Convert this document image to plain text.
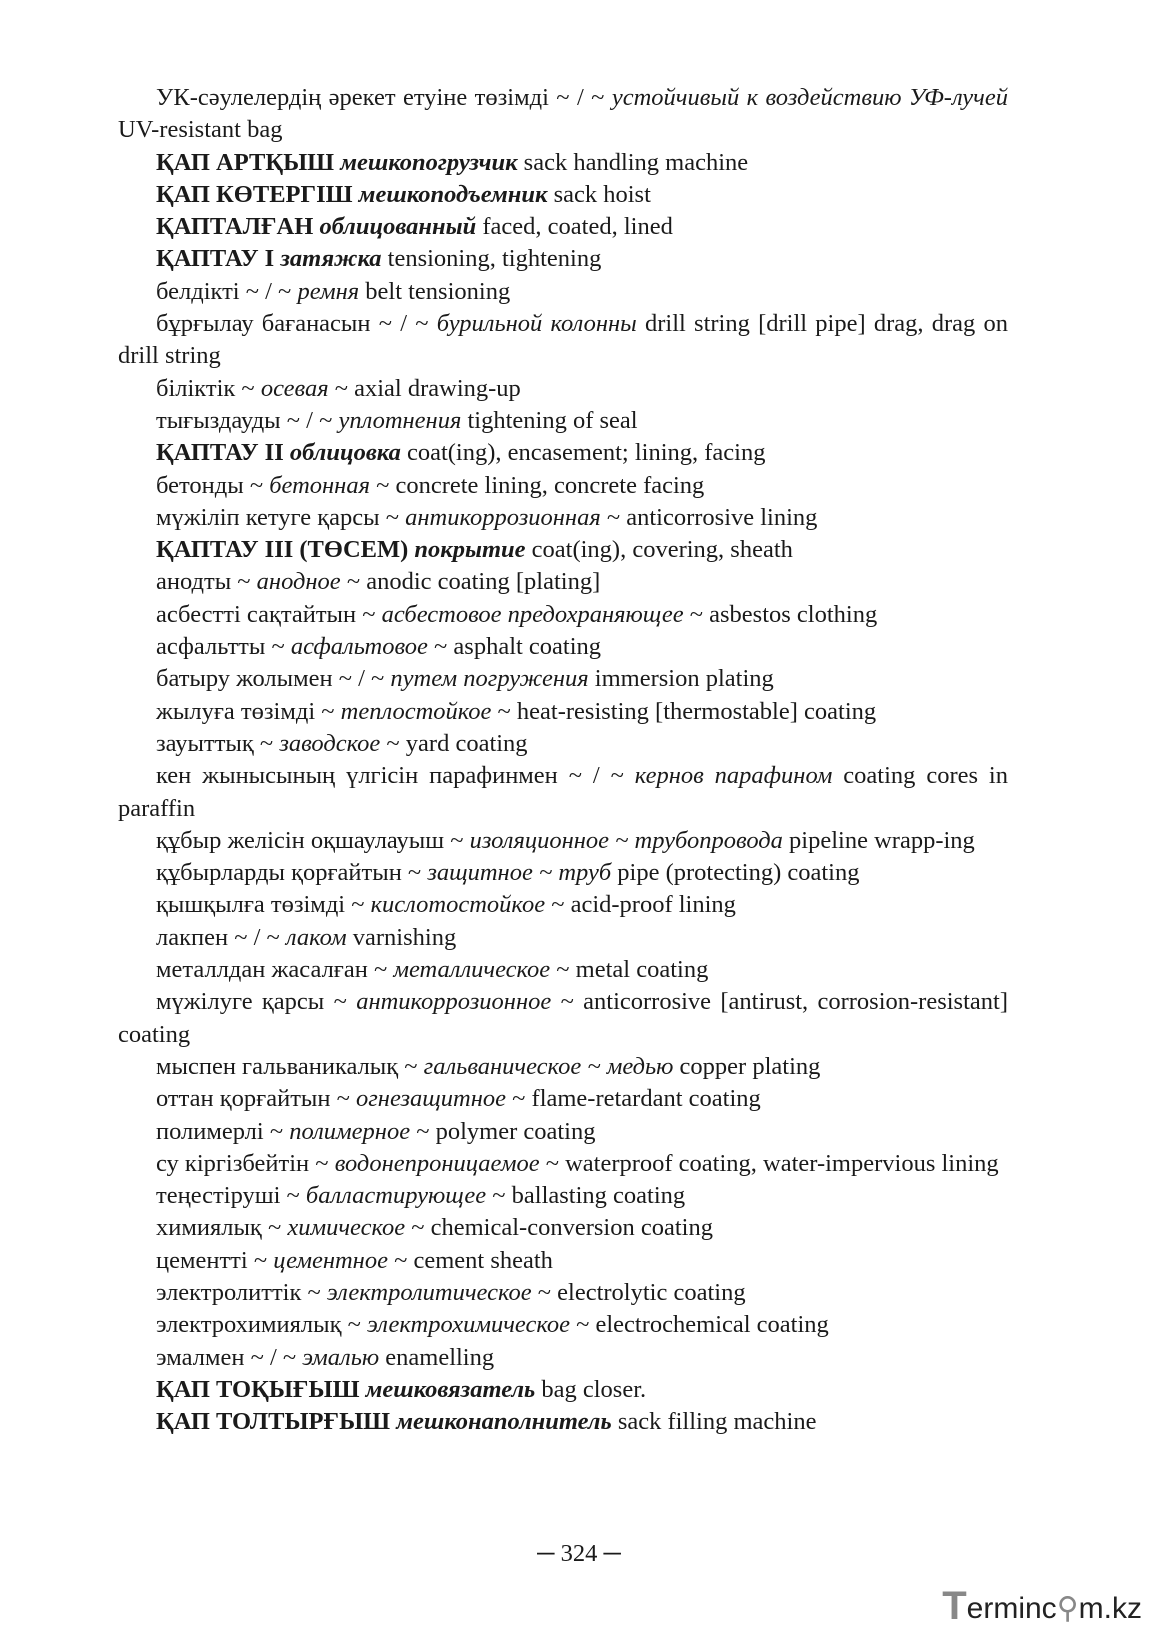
УК-сәулелердің әрекет етуіне төзімді ~ / ~ устойчивый к воздействию УФ-лучей UV-resistant bag

ҚАП АРТҚЫШ мешкопогрузчик sack handling machine

ҚАП КӨТЕРГІШ мешкоподъемник sack hoist

ҚАПТАЛҒАН облицованный faced, coated, lined

ҚАПТАУ I затяжка tensioning, tightening

белдікті ~ / ~ ремня belt tensioning

бұрғылау бағанасын ~ / ~ бурильной колонны drill string [drill pipe] drag, drag on drill string

біліктік ~ осевая ~ axial drawing-up

тығыздауды ~ / ~ уплотнения tightening of seal

ҚАПТАУ II облицовка coat(ing), encasement; lining, facing

бетонды ~ бетонная ~ concrete lining, concrete facing

мүжіліп кетуге қарсы ~ антикоррозионная ~ anticorrosive lining

ҚАПТАУ III (ТӨСЕМ) покрытие coat(ing), covering, sheath

анодты ~ анодное ~ anodic coating [plating]

асбестті сақтайтын ~ асбестовое предохраняющее ~ asbestos clothing

асфальтты ~ асфальтовое ~ asphalt coating

батыру жолымен ~ / ~ путем погружения immersion plating

жылуға төзімді ~ теплостойкое ~ heat-resisting [thermostable] coating

зауыттық ~ заводское ~ yard coating

кен жынысының үлгісін парафинмен ~ / ~ кернов парафином coating cores in paraffin

құбыр желісін оқшаулауыш ~ изоляционное ~ трубопровода pipeline wrapp-ing

құбырларды қорғайтын ~ защитное ~ труб pipe (protecting) coating

қышқылға төзімді ~ кислотостойкое ~ acid-proof lining

лакпен ~ / ~ лаком varnishing

металлдан жасалған ~ металлическое ~ metal coating

мүжілуге қарсы ~ антикоррозионное ~ anticorrosive [antirust, corrosion-resistant] coating

мыспен гальваникалық ~ гальваническое ~ медью copper plating

оттан қорғайтын ~ огнезащитное ~ flame-retardant coating

полимерлі ~ полимерное ~ polymer coating

су кіргізбейтін ~ водонепроницаемое ~ waterproof coating, water-impervious lining

теңестіруші ~ балластирующее ~ ballasting coating

химиялық ~ химическое ~ chemical-conversion coating

цементті ~ цементное ~ cement sheath

электролиттік ~ электролитическое ~ electrolytic coating

электрохимиялық ~ электрохимическое ~ electrochemical coating

эмалмен ~ / ~ эмалью enamelling

ҚАП ТОҚЫҒЫШ мешковязатель bag closer.

ҚАП ТОЛТЫРҒЫШ мешконаполнитель sack filling machine

─ 324 ─
T erminc ⚲ m.kz
